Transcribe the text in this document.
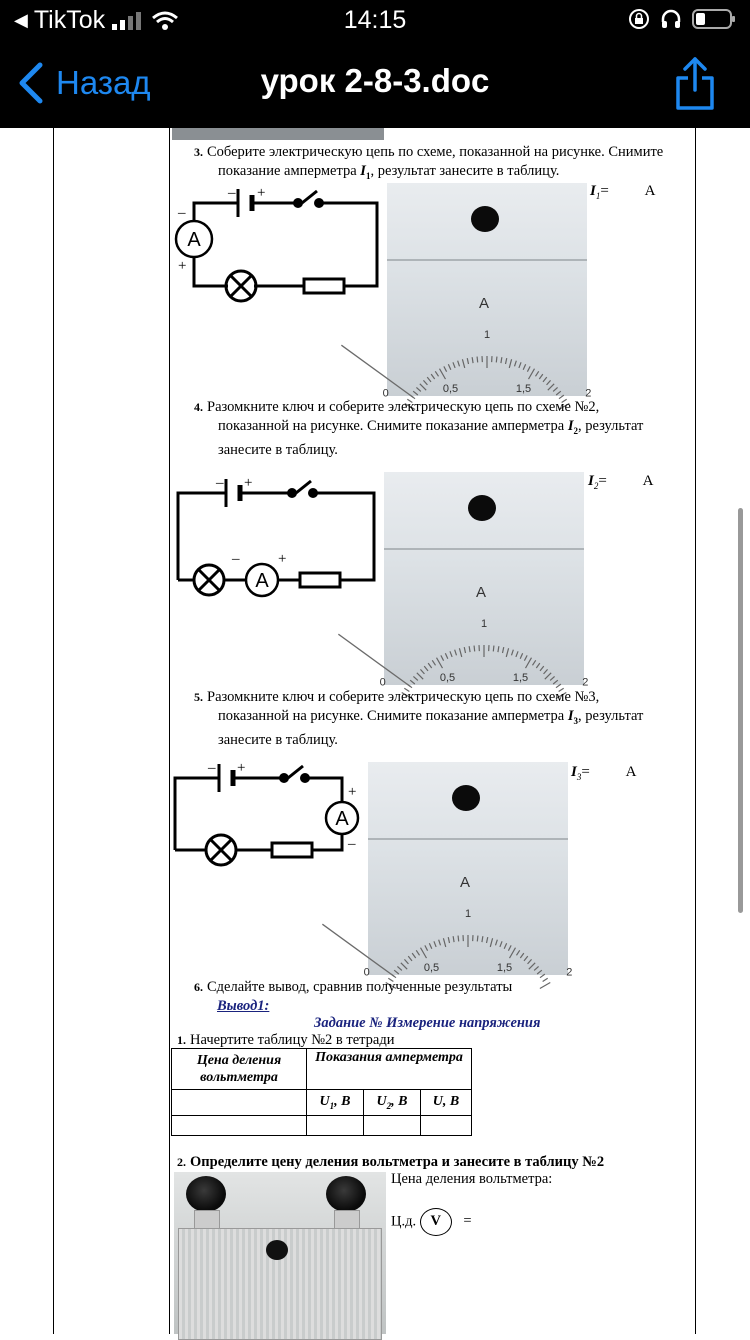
◀ TikTok	14:15
Назад	урок 2-8-3.doc
3. Соберите электрическую цепь по схеме, показанной на рисунке. Снимите
показание амперметра $I_1$, результат занесите в таблицу.
A
– +
–
+
0	0,5
1
1,5	2
A
$I_1= А$
4. Разомкните ключ и соберите электрическую цепь по схеме №2,
показанной на рисунке. Снимите показание амперметра $I_2$, результат
занесите в таблицу.
A
– +
–	+
0	0,5
1
1,5	2
A
$I_2= А$
5. Разомкните ключ и соберите электрическую цепь по схеме №3,
показанной на рисунке. Снимите показание амперметра $I_3$, результат
занесите в таблицу.
A
– +
+
–
0	0,5
1
1,5	2
A
$I_3= А$
6. Сделайте вывод, сравнив полученные результаты
Вывод1:
Задание № Измерение напряжения
1. Начертите таблицу №2 в тетради
Цена деления вольтметра	Показания амперметра		
	$U_1$, В	$U_2$, В	U, В

2. Определите цену деления вольтметра и занесите в таблицу №2
Цена деления вольтметра:
Ц.д. V =
